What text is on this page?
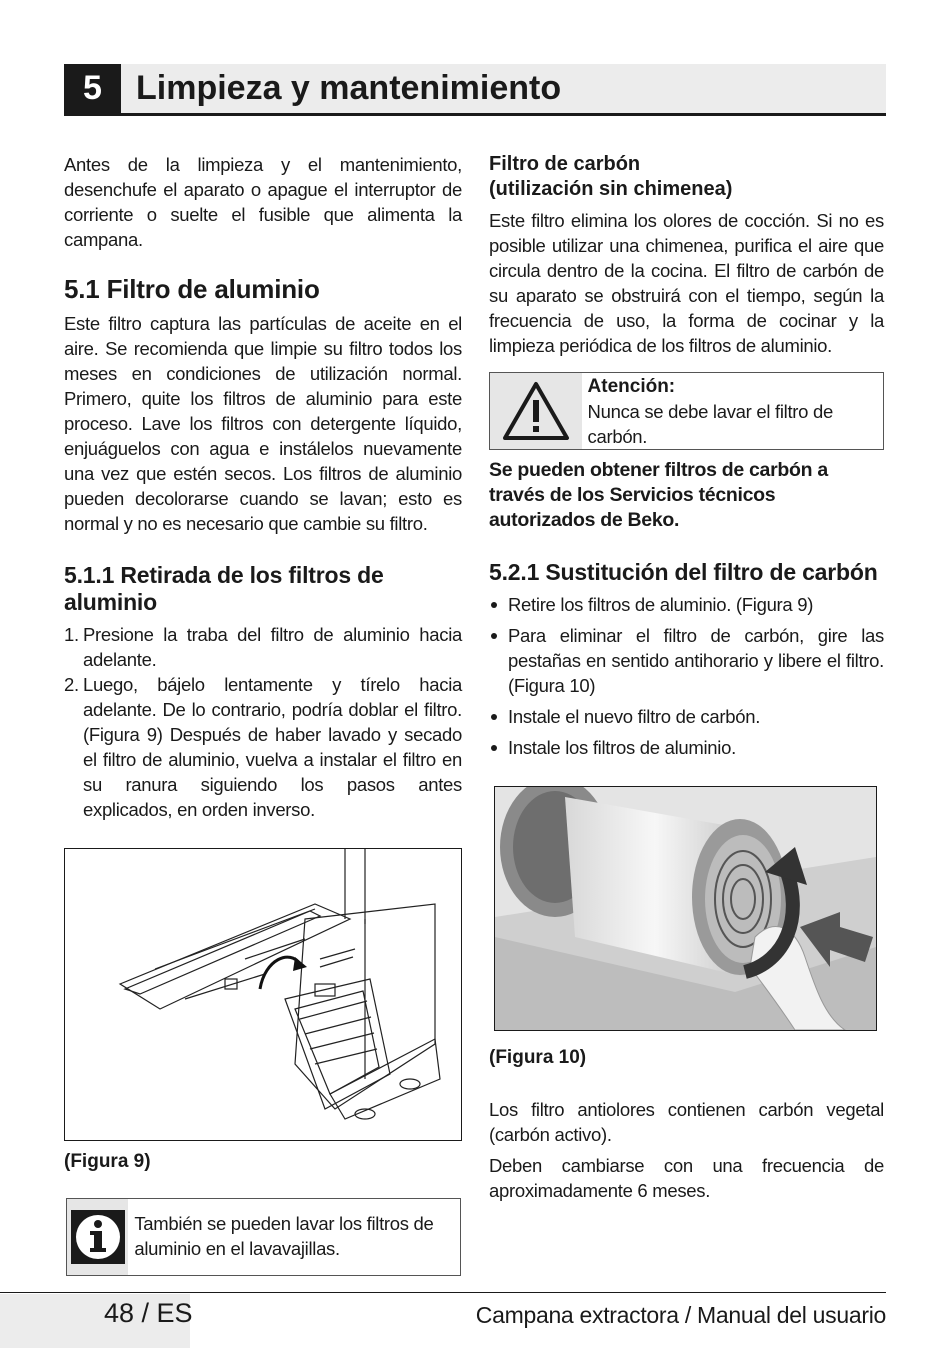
5	Limpieza y mantenimiento

Antes de la limpieza y el mantenimiento, desenchufe el aparato o apague el interruptor de corriente o suelte el fusible que alimenta la campana.

5.1 Filtro de aluminio

Este filtro captura las partículas de aceite en el aire. Se recomienda que limpie su filtro todos los meses en condiciones de utilización normal. Primero, quite los filtros de aluminio para este proceso. Lave los filtros con detergente líquido, enjuáguelos con agua e instálelos nuevamente una vez que estén secos. Los filtros de aluminio pueden decolorarse cuando se lavan; esto es normal y no es necesario que cambie su filtro.

5.1.1 Retirada de los filtros de aluminio
1. Presione la traba del filtro de aluminio hacia adelante.
2. Luego, bájelo lentamente y tírelo hacia adelante. De lo contrario, podría doblar el filtro. (Figura 9) Después de haber lavado y secado el filtro de aluminio, vuelva a instalar el filtro en su ranura siguiendo los pasos antes explicados, en orden inverso.
(Figura 9)

También se pueden lavar los filtros de aluminio en el lavavajillas.

Filtro de carbón
(utilización sin chimenea)

Este filtro elimina los olores de cocción. Si no es posible utilizar una chimenea, purifica el aire que circula dentro de la cocina. El filtro de carbón de su aparato se obstruirá con el tiempo, según la frecuencia de uso, la forma de cocinar y la limpieza periódica de los filtros de aluminio.

Atención:

Nunca se debe lavar el filtro de carbón.

Se pueden obtener filtros de carbón a través de los Servicios técnicos autorizados de Beko.

5.2.1 Sustitución del filtro de carbón
Retire los filtros de aluminio. (Figura 9)
Para eliminar el filtro de carbón, gire las pestañas en sentido antihorario y libere el filtro. (Figura 10)
Instale el nuevo filtro de carbón.
Instale los filtros de aluminio.
(Figura 10)

Los filtro antiolores contienen carbón vegetal (carbón activo).

Deben cambiarse con una frecuencia de aproximadamente 6 meses.

48 / ES	Campana extractora / Manual del usuario
